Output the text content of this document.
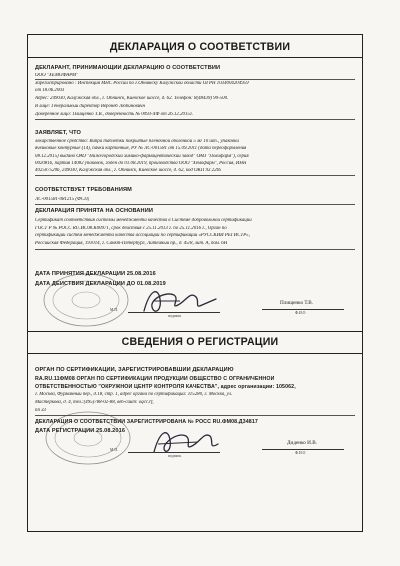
ДЕКЛАРАЦИЯ О СООТВЕТСТВИИ
ДЕКЛАРАНТ, ПРИНИМАЮЩИЙ ДЕКЛАРАЦИЮ О СООТВЕТСТВИИ
ООО "ХЕМОФАРМ"
Зарегистрировано : Инспекция МНС России по г.Обнинску Калужской области ОГРН 1034004204959
от 18.06.2003
Адрес: 249030, Калужская обл., г. Обнинск, Киевское шоссе, д. 62. Телефон: 8(48439) 90-500.
В лице: Генеральный директор Веронеб Любиновичн
Доверенное лицо: Плищенко Т.В., доверенность № 0093-ХФ от 26.12.2015г.
ЗАЯВЛЯЕТ, ЧТО
лекарственное средство: Випра таблетки покрытые пленочной оболочкой 5 мг 10 шт., упаковки
ячейковые контурные (14), пачки картонные, РУ № ЛС-001581 от 15.09.2011 (дата переоформления
08.12.2015) выдано ОАО "Нижегородский химико-фармацевтический завод" ОАО "Полифарм"), серия
0020816, партия 14082 упаковок, годен до 01.08.2019, производства ООО "Хемофарм", Россия, ИНН
4025075206, 249030, Калужская обл., г. Обнинск, Киевское шоссе, д. 62, код ОКП 93 2269
СООТВЕТСТВУЕТ ТРЕБОВАНИЯМ
ЛС-001581-081215 (ФСП)
ДЕКЛАРАЦИЯ ПРИНЯТА НА ОСНОВАНИИ
Сертификат соответствия системы менеджмента качества в Системе добровольной сертификации
ГОСТ Р № РОСС RU.ИС08.К00971, срок действия с 25.11.2013 г. по 25.11.2016 г., Орган по
сертификации систем менеджмента качества ассоциации по сертификации «РУССКИЙ РЕГИСТР»,
Российская Федерация, 191014, г. Санкт-Петербург, Литейный пр., д. 45/8, лит. А, пом. 6Н
ДАТА ПРИНЯТИЯ ДЕКЛАРАЦИИ 25.08.2016
ДАТА ДЕЙСТВИЯ ДЕКЛАРАЦИИ ДО 01.08.2019
подпись
Плищенко Т.В.
Ф.И.О
М.П.
СВЕДЕНИЯ О РЕГИСТРАЦИИ
ОРГАН ПО СЕРТИФИКАЦИИ, ЗАРЕГИСТРИРОВАВШИЙ ДЕКЛАРАЦИЮ
RA.RU.11ФМ08 ОРГАН ПО СЕРТИФИКАЦИИ ПРОДУКЦИИ ОБЩЕСТВО С ОГРАНИЧЕННОЙ
ОТВЕТСТВЕННОСТЬЮ "ОКРУЖНОЙ ЦЕНТР КОНТРОЛЯ КАЧЕСТВА", адрес организации: 105062,
г. Москва, Фурманный пер., д.18, стр. 1, адрес органа по сертификации: 115280, г. Москва, ул.
Мастеркова, д. 4, тел.:(495)788-02-88, веб-сайт: oqcc.rf,
пп 33
ДЕКЛАРАЦИЯ О СООТВЕТСТВИИ ЗАРЕГИСТРИРОВАНА № РОСС RU.ФМ08.Д34817
ДАТА РЕГИСТРАЦИИ 25.08.2016
подпись
Диденко И.В.
Ф.И.О
М.П.
